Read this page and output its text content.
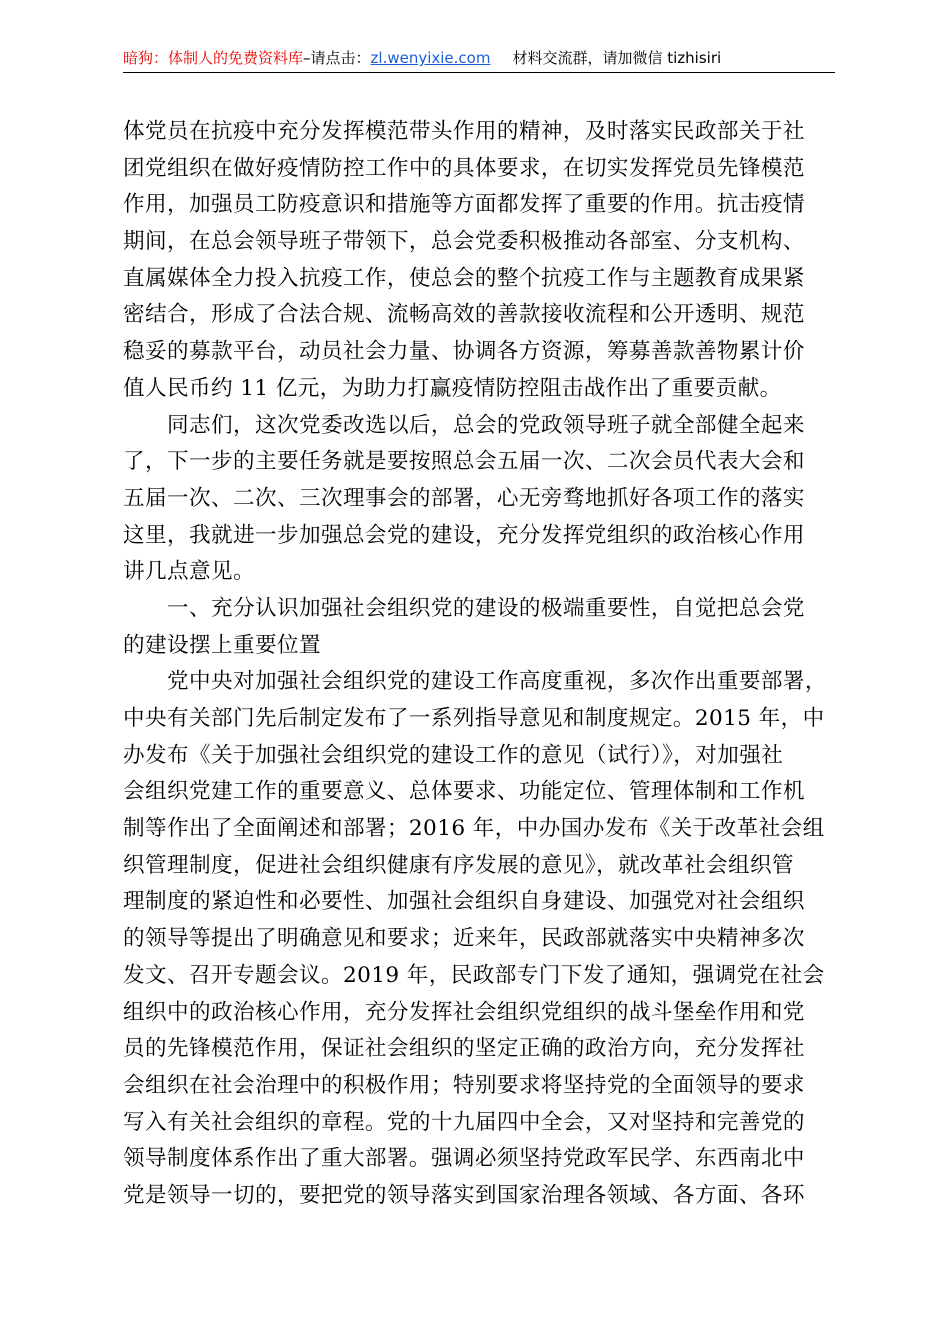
暗狗：体制人的免费资料库–请点击：zl.wenyixie.com 材料交流群，请加微信 tizhisiri
体党员在抗疫中充分发挥模范带头作用的精神，及时落实民政部关于社
团党组织在做好疫情防控工作中的具体要求，在切实发挥党员先锋模范
作用，加强员工防疫意识和措施等方面都发挥了重要的作用。抗击疫情
期间，在总会领导班子带领下，总会党委积极推动各部室、分支机构、
直属媒体全力投入抗疫工作，使总会的整个抗疫工作与主题教育成果紧
密结合，形成了合法合规、流畅高效的善款接收流程和公开透明、规范
稳妥的募款平台，动员社会力量、协调各方资源，筹募善款善物累计价
值人民币约 11 亿元，为助力打赢疫情防控阻击战作出了重要贡献。
同志们，这次党委改选以后，总会的党政领导班子就全部健全起来
了，下一步的主要任务就是要按照总会五届一次、二次会员代表大会和
五届一次、二次、三次理事会的部署，心无旁骛地抓好各项工作的落实
这里，我就进一步加强总会党的建设，充分发挥党组织的政治核心作用
讲几点意见。
一、充分认识加强社会组织党的建设的极端重要性，自觉把总会党
的建设摆上重要位置
党中央对加强社会组织党的建设工作高度重视，多次作出重要部署，
中央有关部门先后制定发布了一系列指导意见和制度规定。2015 年，中
办发布《关于加强社会组织党的建设工作的意见（试行）》，对加强社
会组织党建工作的重要意义、总体要求、功能定位、管理体制和工作机
制等作出了全面阐述和部署；2016 年，中办国办发布《关于改革社会组
织管理制度，促进社会组织健康有序发展的意见》，就改革社会组织管
理制度的紧迫性和必要性、加强社会组织自身建设、加强党对社会组织
的领导等提出了明确意见和要求；近来年，民政部就落实中央精神多次
发文、召开专题会议。2019 年，民政部专门下发了通知，强调党在社会
组织中的政治核心作用，充分发挥社会组织党组织的战斗堡垒作用和党
员的先锋模范作用，保证社会组织的坚定正确的政治方向，充分发挥社
会组织在社会治理中的积极作用；特别要求将坚持党的全面领导的要求
写入有关社会组织的章程。党的十九届四中全会，又对坚持和完善党的
领导制度体系作出了重大部署。强调必须坚持党政军民学、东西南北中
党是领导一切的，要把党的领导落实到国家治理各领域、各方面、各环
